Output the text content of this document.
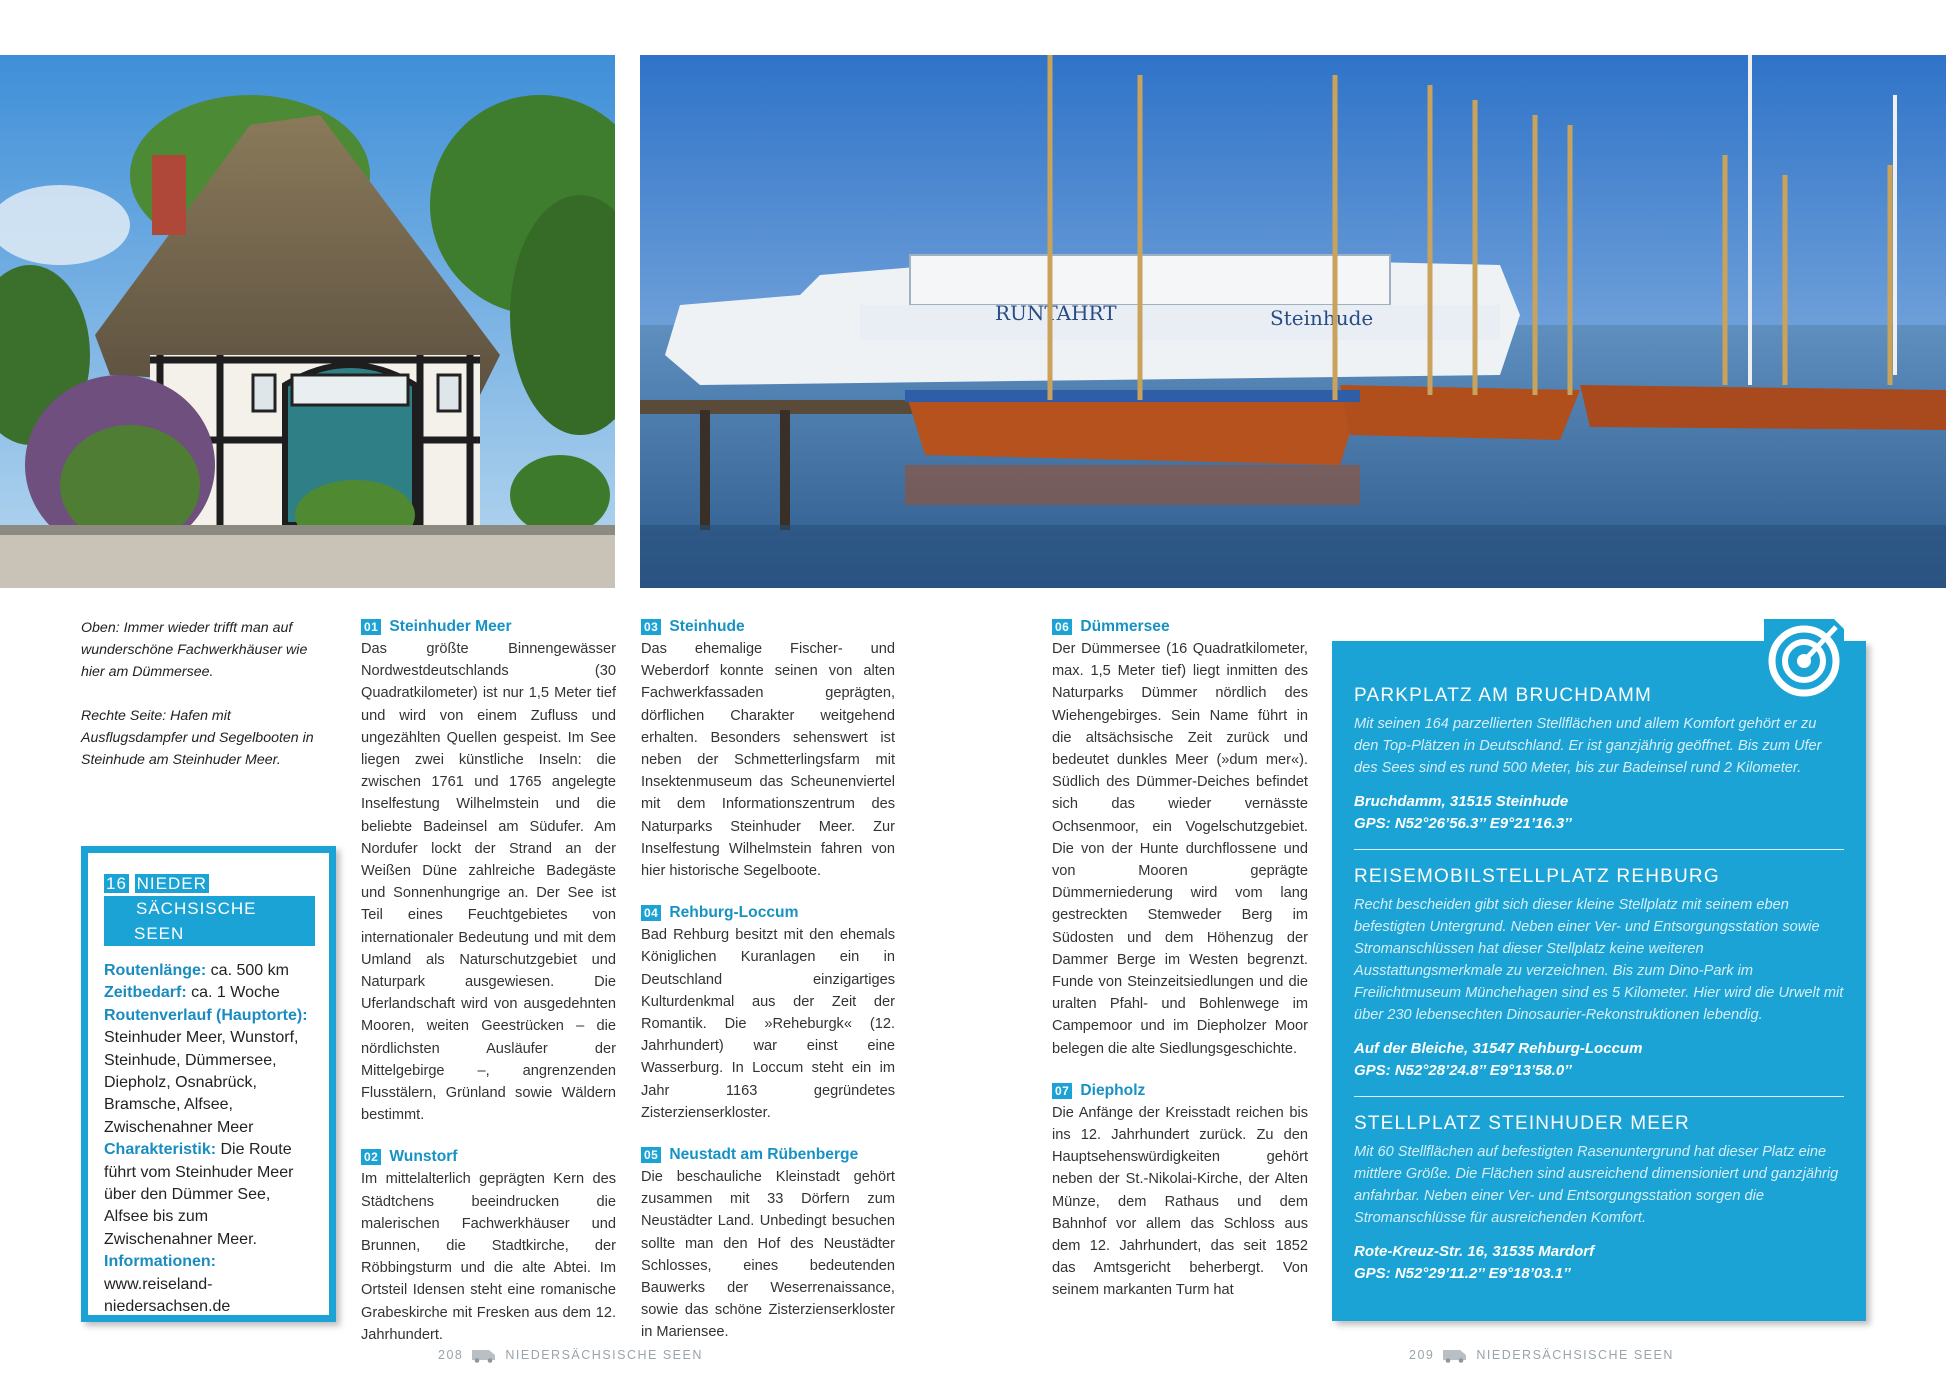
RUNTAHRT	Steinhude

Oben: Immer wieder trifft man auf wunderschöne Fachwerkhäuser wie hier am Dümmersee.

Rechte Seite: Hafen mit Ausflugsdampfer und Segelbooten in Steinhude am Steinhuder Meer.

01 Steinhuder Meer

Das größte Binnengewässer Nordwestdeutschlands (30 Quadratkilometer) ist nur 1,5 Meter tief und wird von einem Zufluss und ungezählten Quellen gespeist. Im See liegen zwei künstliche Inseln: die zwischen 1761 und 1765 angelegte Inselfestung Wilhelmstein und die beliebte Badeinsel am Südufer. Am Nordufer lockt der Strand an der Weißen Düne zahlreiche Badegäste und Sonnenhungrige an. Der See ist Teil eines Feuchtgebietes von internationaler Bedeutung und mit dem Umland als Naturschutzgebiet und Naturpark ausgewiesen. Die Uferlandschaft wird von ausgedehnten Mooren, weiten Geestrücken – die nördlichsten Ausläufer der Mittelgebirge –, angrenzenden Flusstälern, Grünland sowie Wäldern bestimmt.

02 Wunstorf

Im mittelalterlich geprägten Kern des Städtchens beeindrucken die malerischen Fachwerkhäuser und Brunnen, die Stadtkirche, der Röbbingsturm und die alte Abtei. Im Ortsteil Idensen steht eine romanische Grabeskirche mit Fresken aus dem 12. Jahrhundert.

03 Steinhude

Das ehemalige Fischer- und Weberdorf konnte seinen von alten Fachwerkfassaden geprägten, dörflichen Charakter weitgehend erhalten. Besonders sehenswert ist neben der Schmetterlingsfarm mit Insektenmuseum das Scheunenviertel mit dem Informationszentrum des Naturparks Steinhuder Meer. Zur Inselfestung Wilhelmstein fahren von hier historische Segelboote.

04 Rehburg-Loccum

Bad Rehburg besitzt mit den ehemals Königlichen Kuranlagen ein in Deutschland einzigartiges Kulturdenkmal aus der Zeit der Romantik. Die »Reheburgk« (12. Jahrhundert) war einst eine Wasserburg. In Loccum steht ein im Jahr 1163 gegründetes Zisterzienserkloster.

05 Neustadt am Rübenberge

Die beschauliche Kleinstadt gehört zusammen mit 33 Dörfern zum Neustädter Land. Unbedingt besuchen sollte man den Hof des Neustädter Schlosses, eines bedeutenden Bauwerks der Weserrenaissance, sowie das schöne Zisterzienserkloster in Mariensee.

06 Dümmersee

Der Dümmersee (16 Quadratkilometer, max. 1,5 Meter tief) liegt inmitten des Naturparks Dümmer nördlich des Wiehengebirges. Sein Name führt in die altsächsische Zeit zurück und bedeutet dunkles Meer (»dum mer«). Südlich des Dümmer-Deiches befindet sich das wieder vernässte Ochsenmoor, ein Vogelschutzgebiet. Die von der Hunte durchflossene und von Mooren geprägte Dümmerniederung wird vom lang gestreckten Stemweder Berg im Südosten und dem Höhenzug der Dammer Berge im Westen begrenzt. Funde von Steinzeitsiedlungen und die uralten Pfahl- und Bohlenwege im Campemoor und im Diepholzer Moor belegen die alte Siedlungsgeschichte.

07 Diepholz

Die Anfänge der Kreisstadt reichen bis ins 12. Jahrhundert zurück. Zu den Hauptsehenswürdigkeiten gehört neben der St.-Nikolai-Kirche, der Alten Münze, dem Rathaus und dem Bahnhof vor allem das Schloss aus dem 12. Jahrhundert, das seit 1852 das Amtsgericht beherbergt. Von seinem markanten Turm hat

16 NIEDER
SÄCHSISCHE SEEN
Routenlänge: ca. 500 km
Zeitbedarf: ca. 1 Woche
Routenverlauf (Hauptorte): Steinhuder Meer, Wunstorf, Steinhude, Dümmersee, Diepholz, Osnabrück, Bramsche, Alfsee, Zwischenahner Meer
Charakteristik: Die Route führt vom Steinhuder Meer über den Dümmer See, Alfsee bis zum Zwischenahner Meer.
Informationen: www.reiseland-niedersachsen.de
PARKPLATZ AM BRUCHDAMM
Mit seinen 164 parzellierten Stellflächen und allem Komfort gehört er zu den Top-Plätzen in Deutschland. Er ist ganzjährig geöffnet. Bis zum Ufer des Sees sind es rund 500 Meter, bis zur Badeinsel rund 2 Kilometer.
Bruchdamm, 31515 Steinhude
GPS: N52°26’56.3’’ E9°21’16.3’’
REISEMOBILSTELLPLATZ REHBURG
Recht bescheiden gibt sich dieser kleine Stellplatz mit seinem eben befestigten Untergrund. Neben einer Ver- und Entsorgungsstation sowie Stromanschlüssen hat dieser Stellplatz keine weiteren Ausstattungsmerkmale zu verzeichnen. Bis zum Dino-Park im Freilichtmuseum Münchehagen sind es 5 Kilometer. Hier wird die Urwelt mit über 230 lebensechten Dinosaurier-Rekonstruktionen lebendig.
Auf der Bleiche, 31547 Rehburg-Loccum
GPS: N52°28’24.8’’ E9°13’58.0’’
STELLPLATZ STEINHUDER MEER
Mit 60 Stellflächen auf befestigten Rasenuntergrund hat dieser Platz eine mittlere Größe. Die Flächen sind ausreichend dimensioniert und ganzjährig anfahrbar. Neben einer Ver- und Entsorgungsstation sorgen die Stromanschlüsse für ausreichenden Komfort.
Rote-Kreuz-Str. 16, 31535 Mardorf
GPS: N52°29’11.2’’ E9°18’03.1’’
208	NIEDERSÄCHSISCHE SEEN	209	NIEDERSÄCHSISCHE SEEN
